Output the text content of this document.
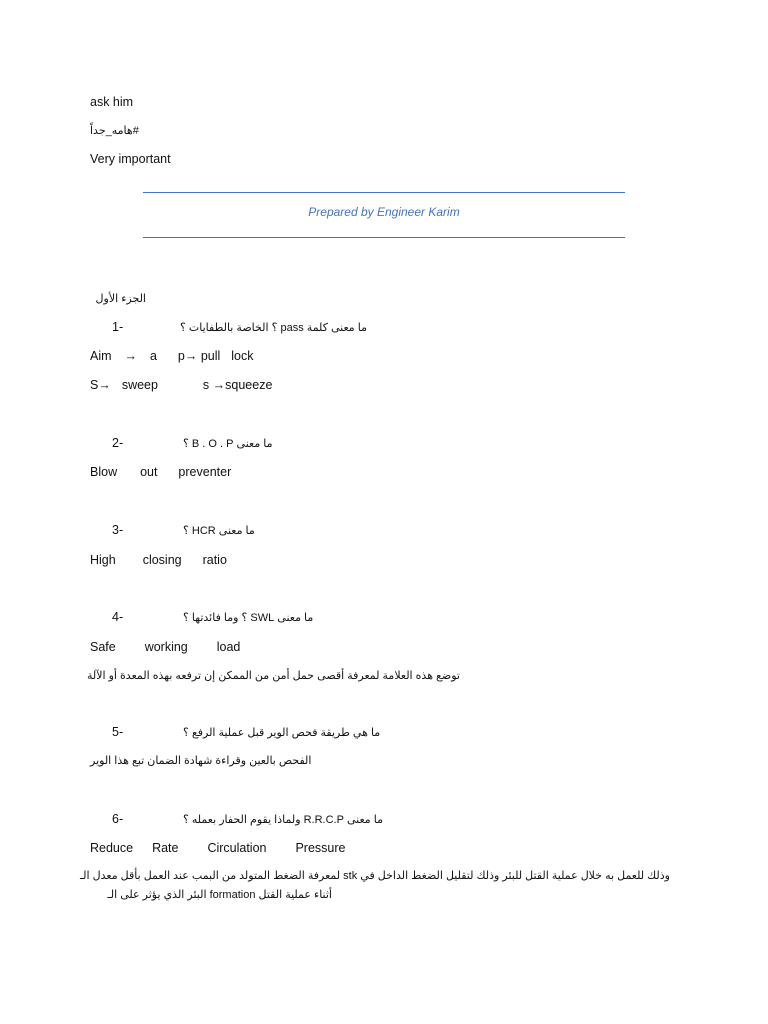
ask him
#هامه_جداً
Very important
Prepared by Engineer Karim
الجزء الأول
1-	ما معنى كلمة pass ؟ الخاصة بالطفايات ؟
Aim → a p→ pull lock
S→ sweep	s →squeeze
2-	ما معنى B . O . P ؟
Blow out preventer
3-	ما معنى HCR ؟
High closing ratio
4-	ما معنى SWL ؟ وما فائدتها ؟
Safe working load
توضع هذه العلامة لمعرفة أقصى حمل أمن من الممكن إن ترفعه بهذه المعدة أو الآلة
5-	ما هي طريقة فحص الوير قبل عملية الرفع ؟
الفحص بالعين وقراءة شهادة الضمان تبع هذا الوير
6-	ما معنى R.R.C.P ولماذا يقوم الحفار بعمله ؟
Reduce Rate Circulation Pressure
وذلك للعمل به خلال عملية القتل للبئر وذلك لتقليل الضغط الداخل في stk لمعرفة الضغط المتولد من البمب عند العمل بأقل معدل الـ
أثناء عملية القتل formation البئر الذي يؤثر على الـ
